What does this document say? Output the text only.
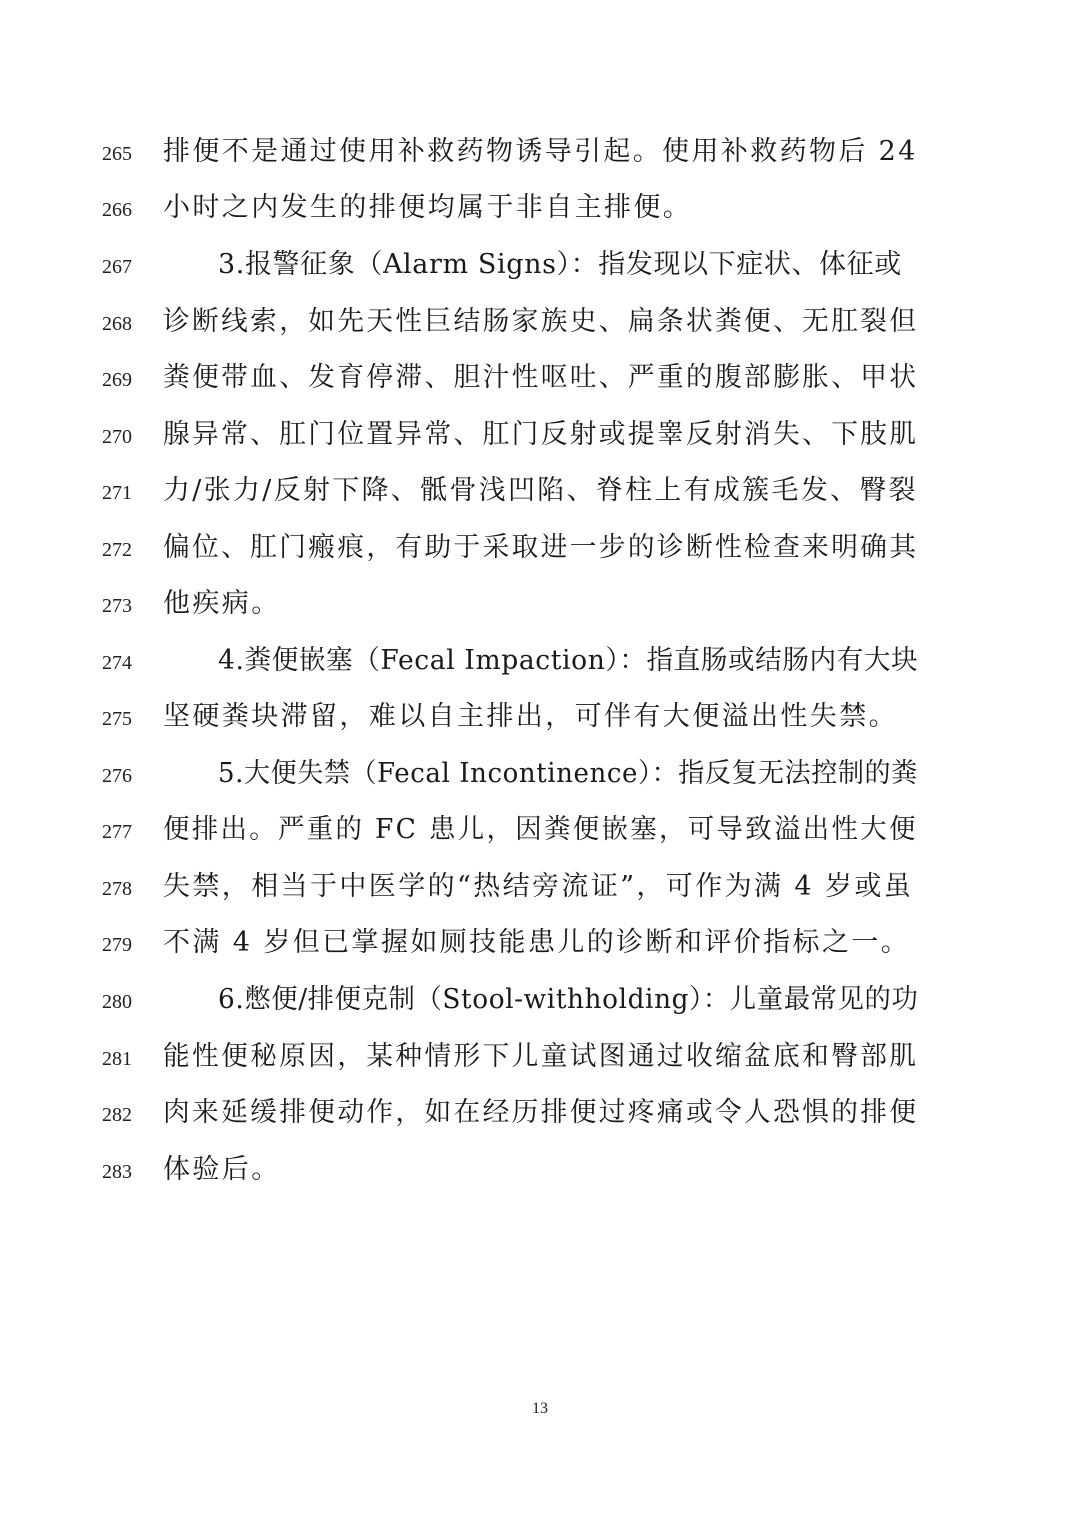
265 排便不是通过使用补救药物诱导引起。使用补救药物后 24
266 小时之内发生的排便均属于非自主排便。
267	3.报警征象（Alarm Signs）：指发现以下症状、体征或
268 诊断线索，如先天性巨结肠家族史、扁条状粪便、无肛裂但
269 粪便带血、发育停滞、胆汁性呕吐、严重的腹部膨胀、甲状
270 腺异常、肛门位置异常、肛门反射或提睾反射消失、下肢肌
271 力/张力/反射下降、骶骨浅凹陷、脊柱上有成簇毛发、臀裂
272 偏位、肛门瘢痕，有助于采取进一步的诊断性检查来明确其
273 他疾病。
274	4.粪便嵌塞（Fecal Impaction）：指直肠或结肠内有大块
275 坚硬粪块滞留，难以自主排出，可伴有大便溢出性失禁。
276	5.大便失禁（Fecal Incontinence）：指反复无法控制的粪
277 便排出。严重的 FC 患儿，因粪便嵌塞，可导致溢出性大便
278 失禁，相当于中医学的“热结旁流证”，可作为满 4 岁或虽
279 不满 4 岁但已掌握如厕技能患儿的诊断和评价指标之一。
280	6.憋便/排便克制（Stool-withholding）：儿童最常见的功
281 能性便秘原因，某种情形下儿童试图通过收缩盆底和臀部肌
282 肉来延缓排便动作，如在经历排便过疼痛或令人恐惧的排便
283 体验后。
13
